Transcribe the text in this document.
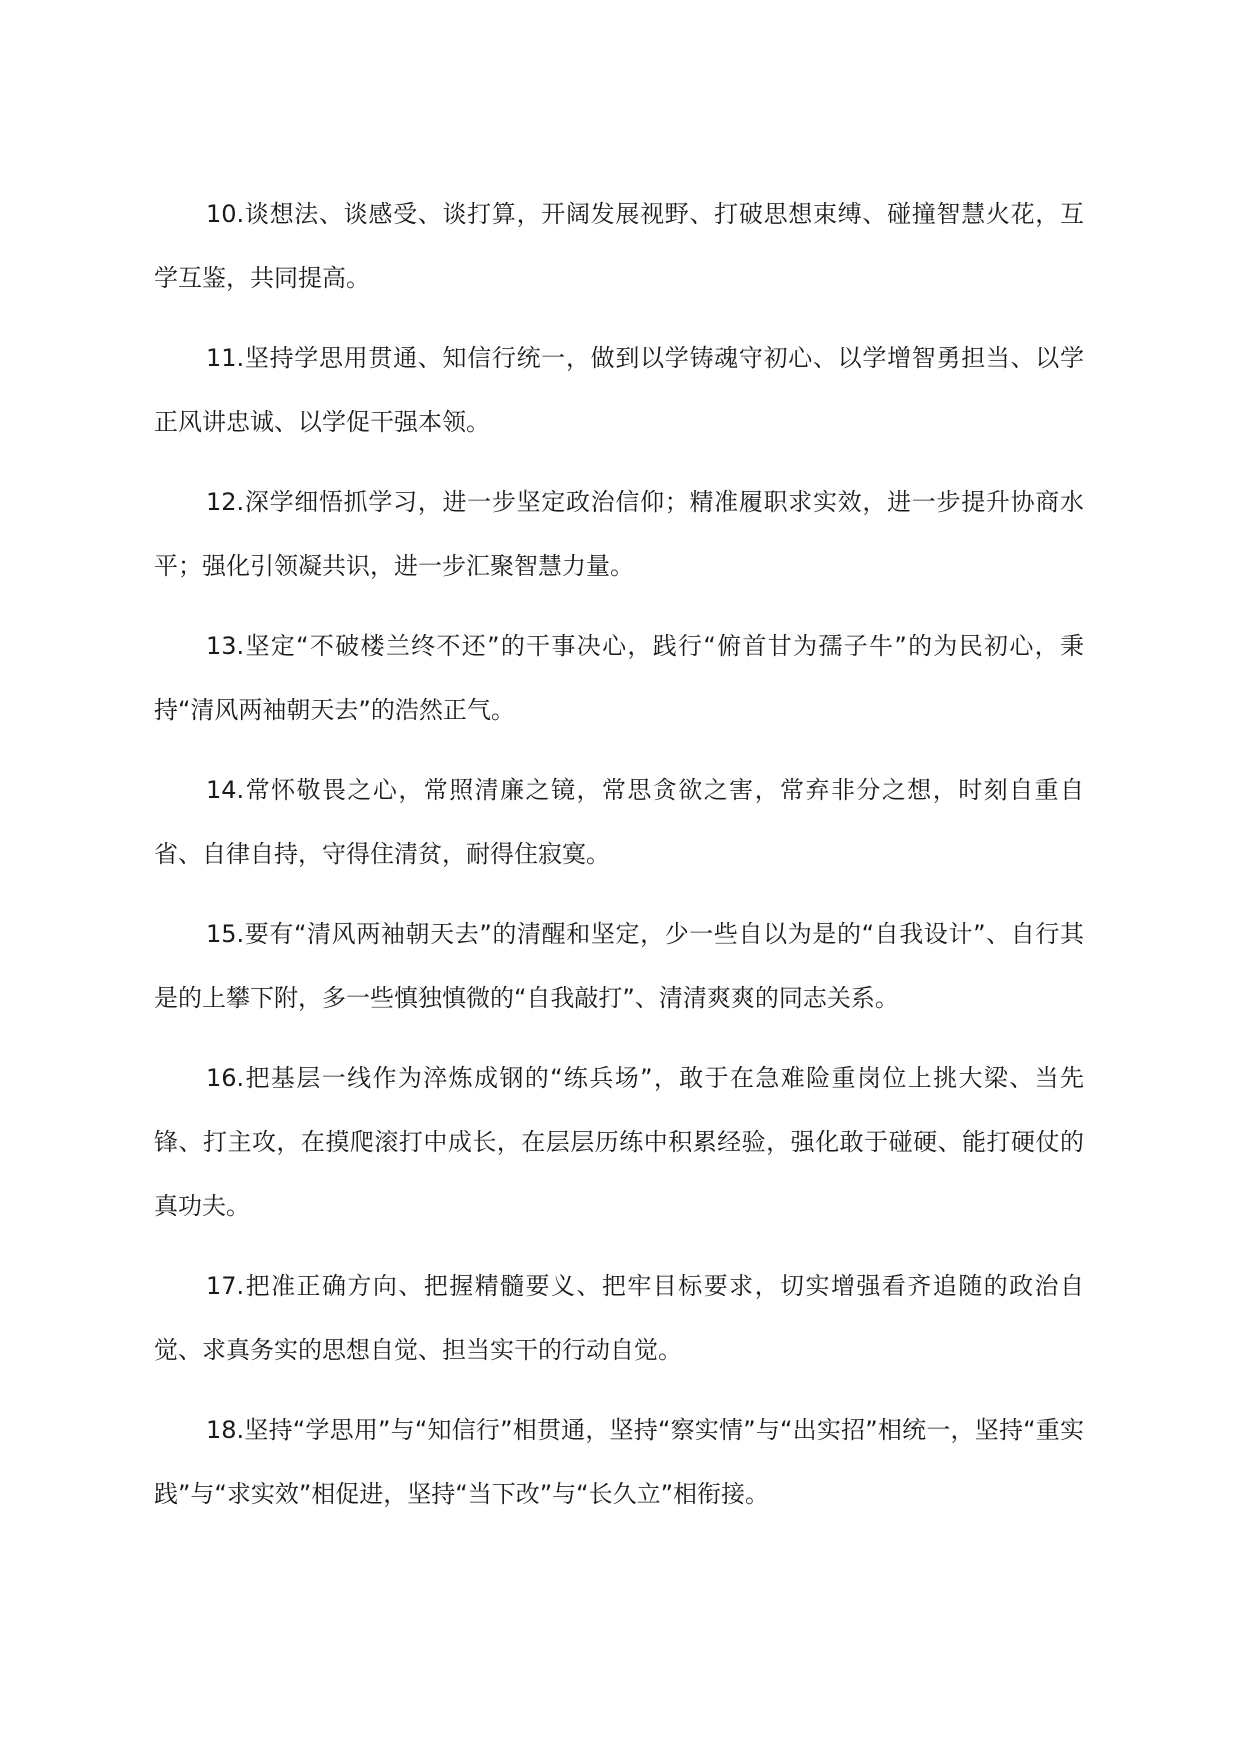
10.谈想法、谈感受、谈打算，开阔发展视野、打破思想束缚、碰撞智慧火花，互学互鉴，共同提高。

11.坚持学思用贯通、知信行统一，做到以学铸魂守初心、以学增智勇担当、以学正风讲忠诚、以学促干强本领。

12.深学细悟抓学习，进一步坚定政治信仰；精准履职求实效，进一步提升协商水平；强化引领凝共识，进一步汇聚智慧力量。

13.坚定“不破楼兰终不还”的干事决心，践行“俯首甘为孺子牛”的为民初心，秉持“清风两袖朝天去”的浩然正气。

14.常怀敬畏之心，常照清廉之镜，常思贪欲之害，常弃非分之想，时刻自重自省、自律自持，守得住清贫，耐得住寂寞。

15.要有“清风两袖朝天去”的清醒和坚定，少一些自以为是的“自我设计”、自行其是的上攀下附，多一些慎独慎微的“自我敲打”、清清爽爽的同志关系。

16.把基层一线作为淬炼成钢的“练兵场”，敢于在急难险重岗位上挑大梁、当先锋、打主攻，在摸爬滚打中成长，在层层历练中积累经验，强化敢于碰硬、能打硬仗的真功夫。

17.把准正确方向、把握精髓要义、把牢目标要求，切实增强看齐追随的政治自觉、求真务实的思想自觉、担当实干的行动自觉。

18.坚持“学思用”与“知信行”相贯通，坚持“察实情”与“出实招”相统一，坚持“重实践”与“求实效”相促进，坚持“当下改”与“长久立”相衔接。
